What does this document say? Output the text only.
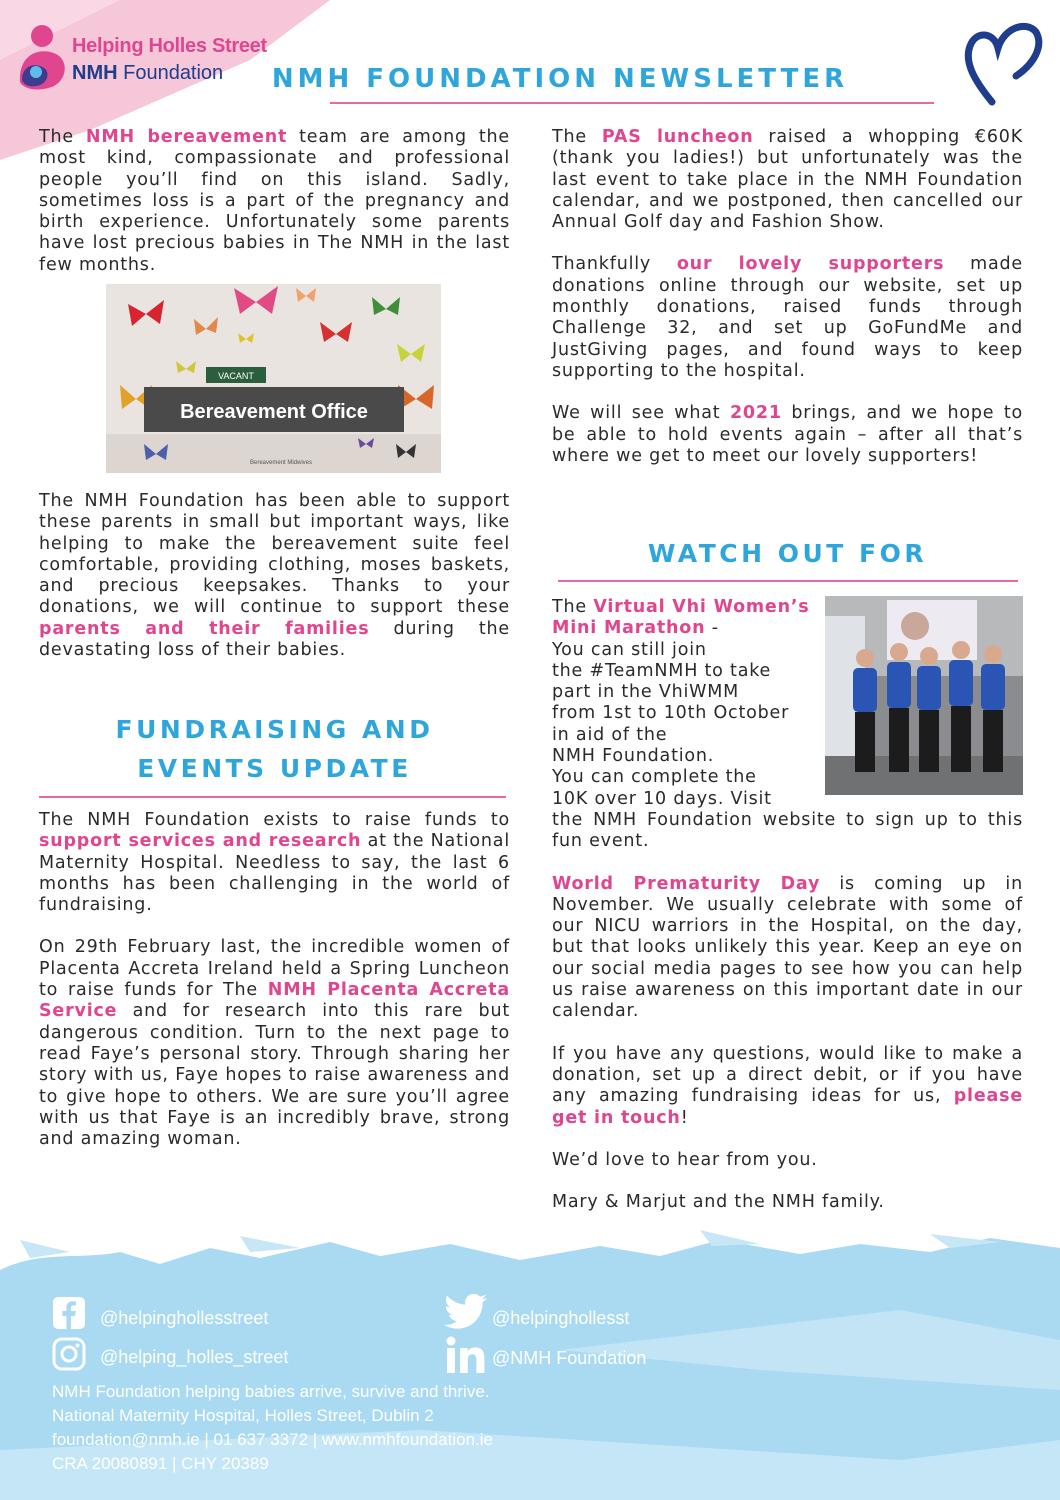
Helping Holles Street
NMH Foundation NMH FOUNDATION NEWSLETTER
The NMH bereavement team are among the most kind, compassionate and professional people you’ll find on this island. Sadly, sometimes loss is a part of the pregnancy and birth experience. Unfortunately some parents have lost precious babies in The NMH in the last few months.
VACANT
Bereavement Office
Bereavement Midwives
The NMH Foundation has been able to support these parents in small but important ways, like helping to make the bereavement suite feel comfortable, providing clothing, moses baskets, and precious keepsakes. Thanks to your donations, we will continue to support these parents and their families during the devastating loss of their babies.
FUNDRAISING AND
EVENTS UPDATE

The NMH Foundation exists to raise funds to support services and research at the National Maternity Hospital. Needless to say, the last 6 months has been challenging in the world of fundraising.

On 29th February last, the incredible women of Placenta Accreta Ireland held a Spring Luncheon to raise funds for The NMH Placenta Accreta Service and for research into this rare but dangerous condition. Turn to the next page to read Faye’s personal story. Through sharing her story with us, Faye hopes to raise awareness and to give hope to others. We are sure you’ll agree with us that Faye is an incredibly brave, strong and amazing woman.

The PAS luncheon raised a whopping €60K (thank you ladies!) but unfortunately was the last event to take place in the NMH Foundation calendar, and we postponed, then cancelled our Annual Golf day and Fashion Show.

Thankfully our lovely supporters made donations online through our website, set up monthly donations, raised funds through Challenge 32, and set up GoFundMe and JustGiving pages, and found ways to keep supporting to the hospital.

We will see what 2021 brings, and we hope to be able to hold events again – after all that’s where we get to meet our lovely supporters!

WATCH OUT FOR
The Virtual Vhi Women’s
Mini Marathon -
You can still join
the #TeamNMH to take
part in the VhiWMM
from 1st to 10th October
in aid of the
NMH Foundation.
You can complete the
10K over 10 days. Visit

the NMH Foundation website to sign up to this fun event.

World Prematurity Day is coming up in November. We usually celebrate with some of our NICU warriors in the Hospital, on the day, but that looks unlikely this year. Keep an eye on our social media pages to see how you can help us raise awareness on this important date in our calendar.

If you have any questions, would like to make a donation, set up a direct debit, or if you have any amazing fundraising ideas for us, please get in touch!

We’d love to hear from you.

Mary & Marjut and the NMH family.

@helpinghollesstreet
@helping_holles_street
@helpinghollesst
@NMH Foundation
NMH Foundation helping babies arrive, survive and thrive.
National Maternity Hospital, Holles Street, Dublin 2
foundation@nmh.ie | 01 637 3372 | www.nmhfoundation.ie
CRA 20080891 | CHY 20389
